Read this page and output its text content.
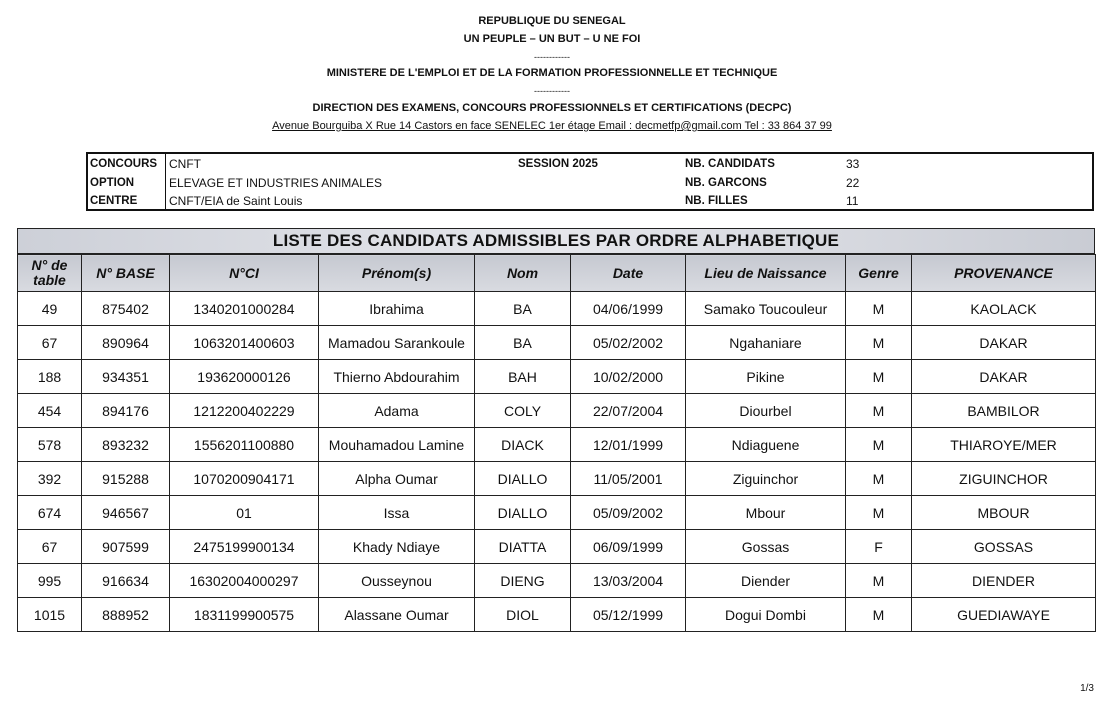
REPUBLIQUE DU SENEGAL
UN PEUPLE – UN BUT – U NE FOI
------------
MINISTERE DE L'EMPLOI ET DE LA FORMATION PROFESSIONNELLE ET TECHNIQUE
------------
DIRECTION DES EXAMENS, CONCOURS PROFESSIONNELS ET CERTIFICATIONS (DECPC)
Avenue Bourguiba X Rue 14 Castors en face SENELEC 1er étage Email : decmetfp@gmail.com Tel : 33 864 37 99
CONCOURS CNFT	SESSION 2025	NB. CANDIDATS	33
OPTION	ELEVAGE ET INDUSTRIES ANIMALES	NB. GARCONS	22
CENTRE	CNFT/EIA de Saint Louis	NB. FILLES	11
LISTE DES CANDIDATS ADMISSIBLES PAR ORDRE ALPHABETIQUE
N° de
table	N° BASE	N°CI	Prénom(s)	Nom	Date	Lieu de Naissance	Genre	PROVENANCE
49	875402	1340201000284	Ibrahima	BA	04/06/1999	Samako Toucouleur	M	KAOLACK
67	890964	1063201400603	Mamadou Sarankoule	BA	05/02/2002	Ngahaniare	M	DAKAR
188	934351	193620000126	Thierno Abdourahim	BAH	10/02/2000	Pikine	M	DAKAR
454	894176	1212200402229	Adama	COLY	22/07/2004	Diourbel	M	BAMBILOR
578	893232	1556201100880	Mouhamadou Lamine	DIACK	12/01/1999	Ndiaguene	M	THIAROYE/MER
392	915288	1070200904171	Alpha Oumar	DIALLO	11/05/2001	Ziguinchor	M	ZIGUINCHOR
674	946567	01	Issa	DIALLO	05/09/2002	Mbour	M	MBOUR
67	907599	2475199900134	Khady Ndiaye	DIATTA	06/09/1999	Gossas	F	GOSSAS
995	916634	16302004000297	Ousseynou	DIENG	13/03/2004	Diender	M	DIENDER
1015	888952	1831199900575	Alassane Oumar	DIOL	05/12/1999	Dogui Dombi	M	GUEDIAWAYE
1/3
